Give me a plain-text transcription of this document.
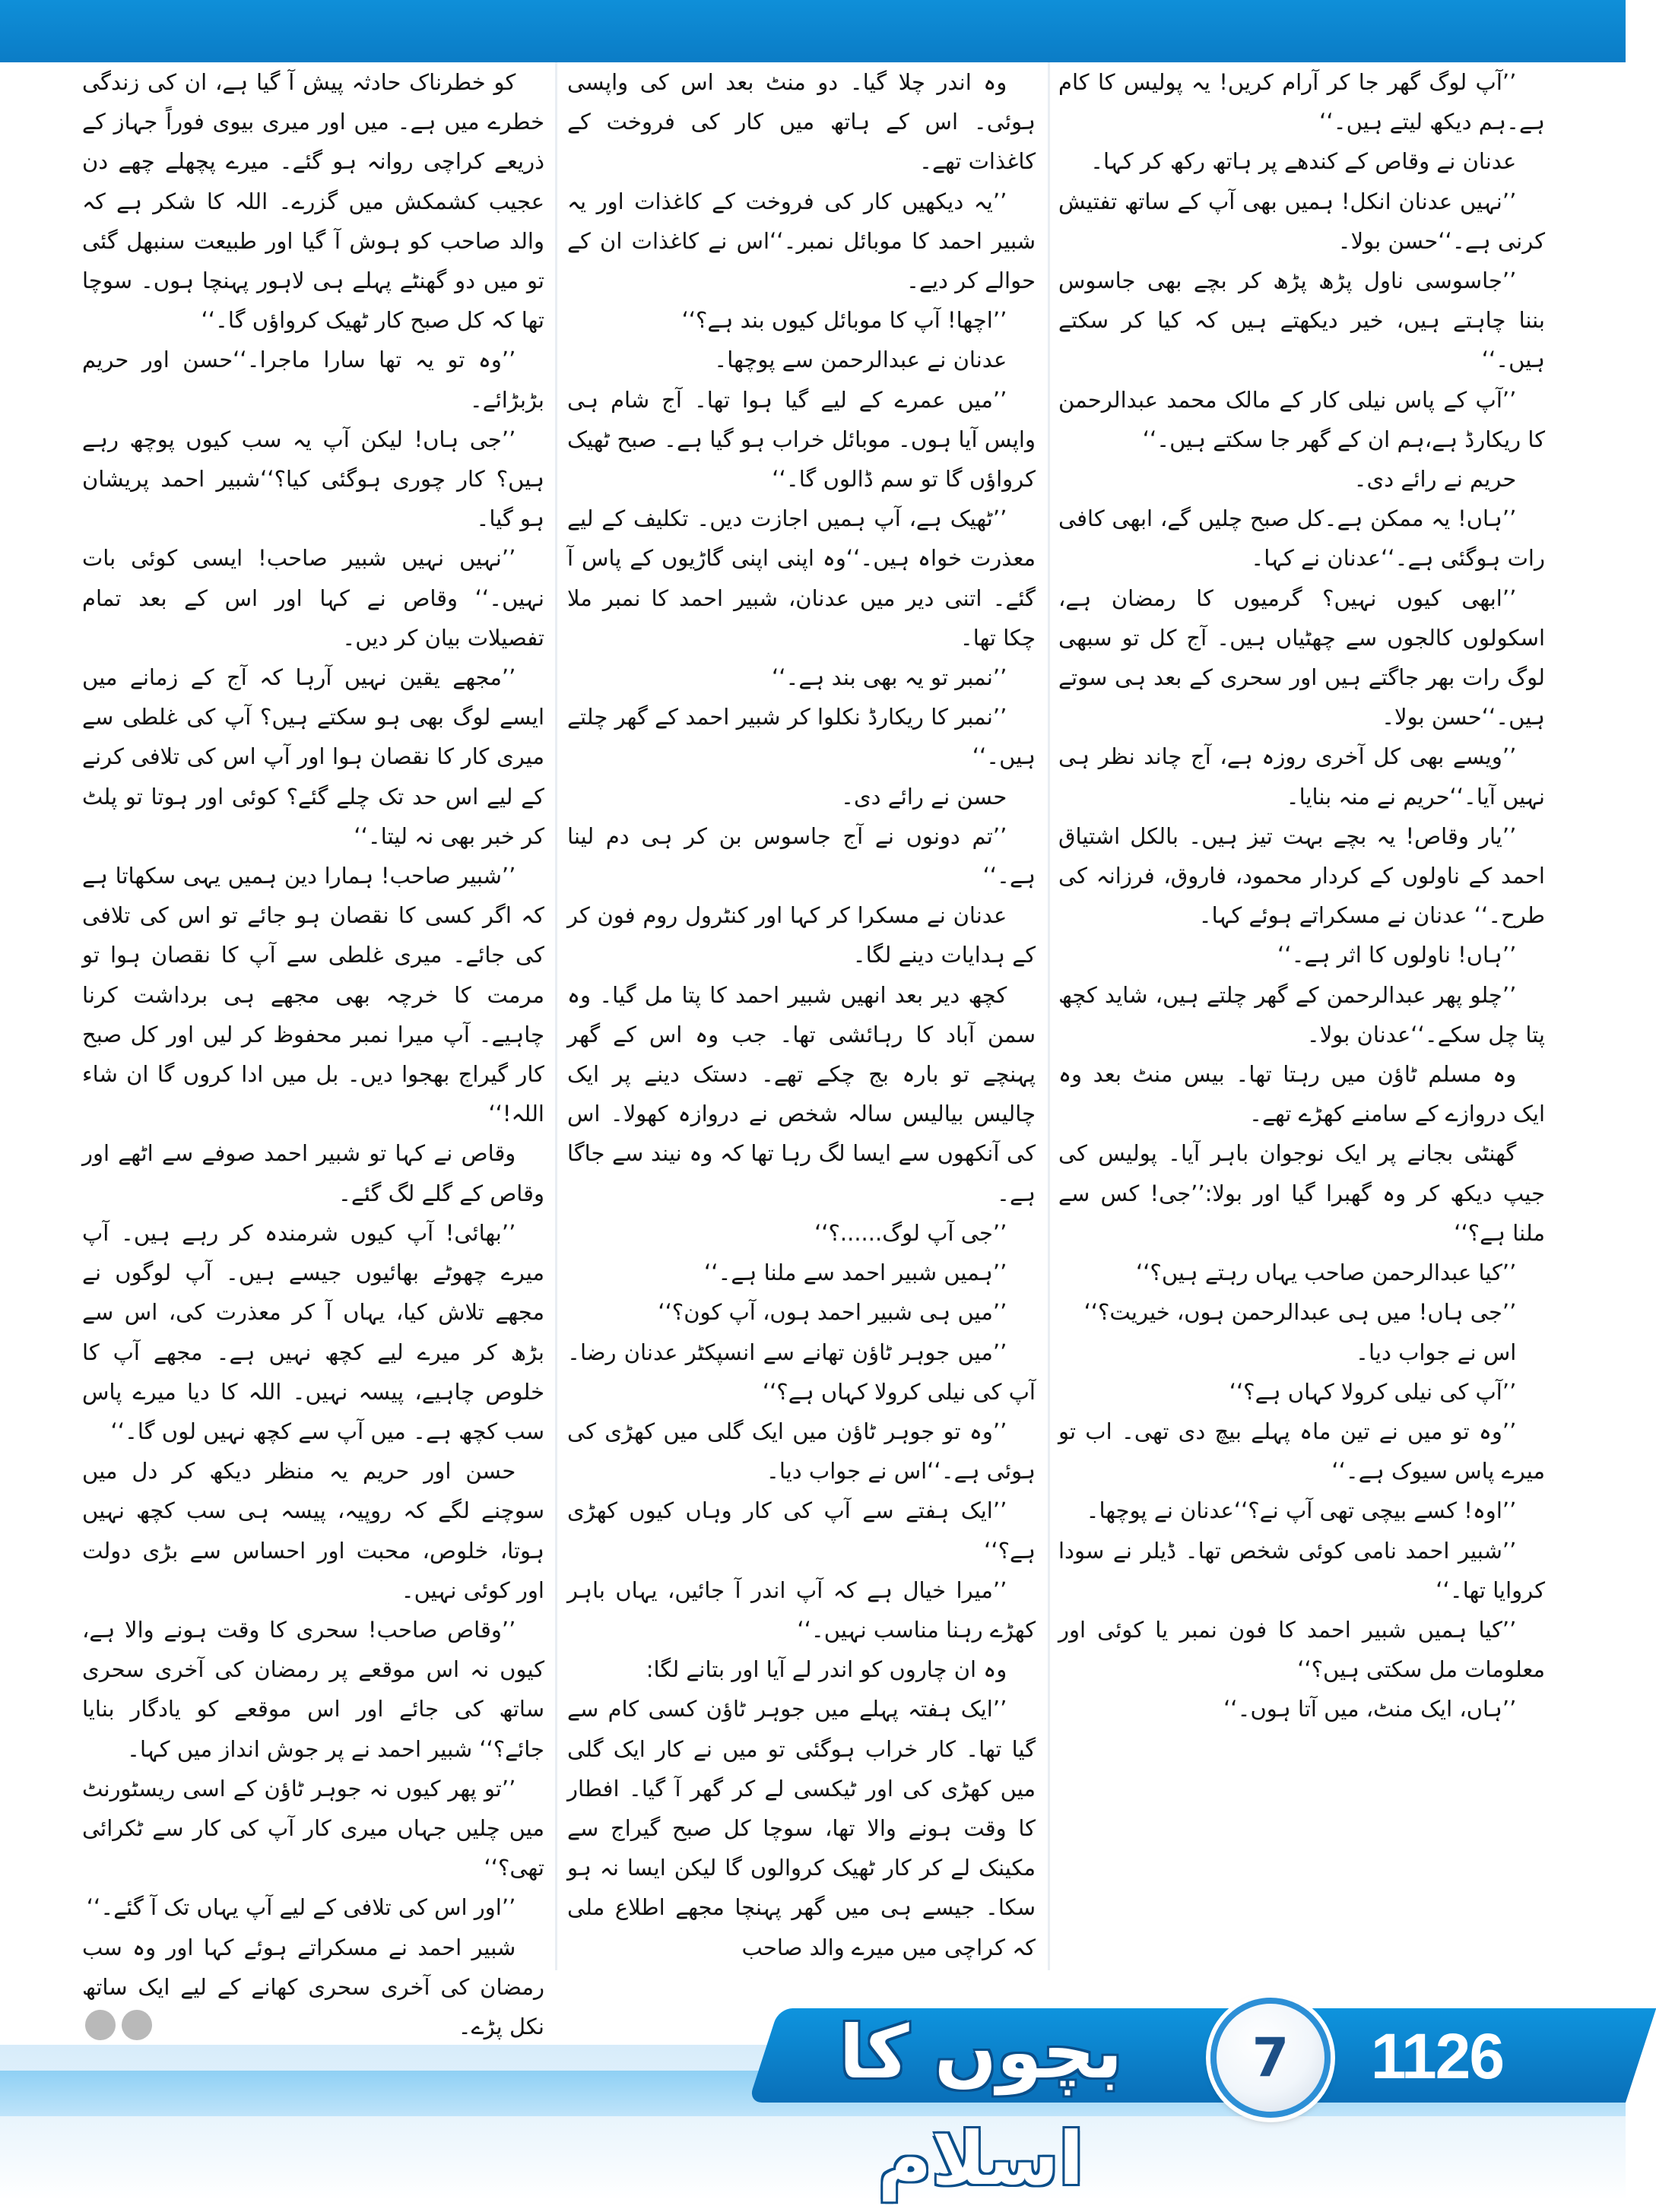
’’آپ لوگ گھر جا کر آرام کریں! یہ پولیس کا کام ہے۔ہم دیکھ لیتے ہیں۔‘‘

عدنان نے وقاص کے کندھے پر ہاتھ رکھ کر کہا۔

’’نہیں عدنان انکل! ہمیں بھی آپ کے ساتھ تفتیش کرنی ہے۔‘‘حسن بولا۔

’’جاسوسی ناول پڑھ پڑھ کر بچے بھی جاسوس بننا چاہتے ہیں، خیر دیکھتے ہیں کہ کیا کر سکتے ہیں۔‘‘

’’آپ کے پاس نیلی کار کے مالک محمد عبدالرحمن کا ریکارڈ ہے،ہم ان کے گھر جا سکتے ہیں۔‘‘

حریم نے رائے دی۔

’’ہاں! یہ ممکن ہے۔کل صبح چلیں گے، ابھی کافی رات ہوگئی ہے۔‘‘عدنان نے کہا۔

’’ابھی کیوں نہیں؟ گرمیوں کا رمضان ہے، اسکولوں کالجوں سے چھٹیاں ہیں۔ آج کل تو سبھی لوگ رات بھر جاگتے ہیں اور سحری کے بعد ہی سوتے ہیں۔‘‘حسن بولا۔

’’ویسے بھی کل آخری روزہ ہے، آج چاند نظر ہی نہیں آیا۔‘‘حریم نے منہ بنایا۔

’’یار وقاص! یہ بچے بہت تیز ہیں۔ بالکل اشتیاق احمد کے ناولوں کے کردار محمود، فاروق، فرزانہ کی طرح۔‘‘ عدنان نے مسکراتے ہوئے کہا۔

’’ہاں! ناولوں کا اثر ہے۔‘‘

’’چلو پھر عبدالرحمن کے گھر چلتے ہیں، شاید کچھ پتا چل سکے۔‘‘عدنان بولا۔

وہ مسلم ٹاؤن میں رہتا تھا۔ بیس منٹ بعد وہ ایک دروازے کے سامنے کھڑے تھے۔

گھنٹی بجانے پر ایک نوجوان باہر آیا۔ پولیس کی جیپ دیکھ کر وہ گھبرا گیا اور بولا:’’جی! کس سے ملنا ہے؟‘‘

’’کیا عبدالرحمن صاحب یہاں رہتے ہیں؟‘‘

’’جی ہاں! میں ہی عبدالرحمن ہوں، خیریت؟‘‘

اس نے جواب دیا۔

’’آپ کی نیلی کرولا کہاں ہے؟‘‘

’’وہ تو میں نے تین ماہ پہلے بیچ دی تھی۔ اب تو میرے پاس سیوک ہے۔‘‘

’’اوہ! کسے بیچی تھی آپ نے؟‘‘عدنان نے پوچھا۔

’’شبیر احمد نامی کوئی شخص تھا۔ ڈیلر نے سودا کروایا تھا۔‘‘

’’کیا ہمیں شبیر احمد کا فون نمبر یا کوئی اور معلومات مل سکتی ہیں؟‘‘

’’ہاں، ایک منٹ، میں آتا ہوں۔‘‘

وہ اندر چلا گیا۔ دو منٹ بعد اس کی واپسی ہوئی۔ اس کے ہاتھ میں کار کی فروخت کے کاغذات تھے۔

’’یہ دیکھیں کار کی فروخت کے کاغذات اور یہ شبیر احمد کا موبائل نمبر۔‘‘اس نے کاغذات ان کے حوالے کر دیے۔

’’اچھا! آپ کا موبائل کیوں بند ہے؟‘‘

عدنان نے عبدالرحمن سے پوچھا۔

’’میں عمرے کے لیے گیا ہوا تھا۔ آج شام ہی واپس آیا ہوں۔ موبائل خراب ہو گیا ہے۔ صبح ٹھیک کرواؤں گا تو سم ڈالوں گا۔‘‘

’’ٹھیک ہے، آپ ہمیں اجازت دیں۔ تکلیف کے لیے معذرت خواہ ہیں۔‘‘وہ اپنی اپنی گاڑیوں کے پاس آ گئے۔ اتنی دیر میں عدنان، شبیر احمد کا نمبر ملا چکا تھا۔

’’نمبر تو یہ بھی بند ہے۔‘‘

’’نمبر کا ریکارڈ نکلوا کر شبیر احمد کے گھر چلتے ہیں۔‘‘

حسن نے رائے دی۔

’’تم دونوں نے آج جاسوس بن کر ہی دم لینا ہے۔‘‘

عدنان نے مسکرا کر کہا اور کنٹرول روم فون کر کے ہدایات دینے لگا۔

کچھ دیر بعد انھیں شبیر احمد کا پتا مل گیا۔ وہ سمن آباد کا رہائشی تھا۔ جب وہ اس کے گھر پہنچے تو بارہ بج چکے تھے۔ دستک دینے پر ایک چالیس بیالیس سالہ شخص نے دروازہ کھولا۔ اس کی آنکھوں سے ایسا لگ رہا تھا کہ وہ نیند سے جاگا ہے۔

’’جی آپ لوگ......؟‘‘

’’ہمیں شبیر احمد سے ملنا ہے۔‘‘

’’میں ہی شبیر احمد ہوں، آپ کون؟‘‘

’’میں جوہر ٹاؤن تھانے سے انسپکٹر عدنان رضا۔ آپ کی نیلی کرولا کہاں ہے؟‘‘

’’وہ تو جوہر ٹاؤن میں ایک گلی میں کھڑی کی ہوئی ہے۔‘‘اس نے جواب دیا۔

’’ایک ہفتے سے آپ کی کار وہاں کیوں کھڑی ہے؟‘‘

’’میرا خیال ہے کہ آپ اندر آ جائیں، یہاں باہر کھڑے رہنا مناسب نہیں۔‘‘

وہ ان چاروں کو اندر لے آیا اور بتانے لگا:

’’ایک ہفتہ پہلے میں جوہر ٹاؤن کسی کام سے گیا تھا۔ کار خراب ہوگئی تو میں نے کار ایک گلی میں کھڑی کی اور ٹیکسی لے کر گھر آ گیا۔ افطار کا وقت ہونے والا تھا، سوچا کل صبح گیراج سے مکینک لے کر کار ٹھیک کروالوں گا لیکن ایسا نہ ہو سکا۔ جیسے ہی میں گھر پہنچا مجھے اطلاع ملی کہ کراچی میں میرے والد صاحب

کو خطرناک حادثہ پیش آ گیا ہے، ان کی زندگی خطرے میں ہے۔ میں اور میری بیوی فوراً جہاز کے ذریعے کراچی روانہ ہو گئے۔ میرے پچھلے چھے دن عجیب کشمکش میں گزرے۔ اللہ کا شکر ہے کہ والد صاحب کو ہوش آ گیا اور طبیعت سنبھل گئی تو میں دو گھنٹے پہلے ہی لاہور پہنچا ہوں۔ سوچا تھا کہ کل صبح کار ٹھیک کرواؤں گا۔‘‘

’’وہ تو یہ تھا سارا ماجرا۔‘‘حسن اور حریم بڑبڑائے۔

’’جی ہاں! لیکن آپ یہ سب کیوں پوچھ رہے ہیں؟ کار چوری ہوگئی کیا؟‘‘شبیر احمد پریشان ہو گیا۔

’’نہیں نہیں شبیر صاحب! ایسی کوئی بات نہیں۔‘‘ وقاص نے کہا اور اس کے بعد تمام تفصیلات بیان کر دیں۔

’’مجھے یقین نہیں آرہا کہ آج کے زمانے میں ایسے لوگ بھی ہو سکتے ہیں؟ آپ کی غلطی سے میری کار کا نقصان ہوا اور آپ اس کی تلافی کرنے کے لیے اس حد تک چلے گئے؟ کوئی اور ہوتا تو پلٹ کر خبر بھی نہ لیتا۔‘‘

’’شبیر صاحب! ہمارا دین ہمیں یہی سکھاتا ہے کہ اگر کسی کا نقصان ہو جائے تو اس کی تلافی کی جائے۔ میری غلطی سے آپ کا نقصان ہوا تو مرمت کا خرچہ بھی مجھے ہی برداشت کرنا چاہیے۔ آپ میرا نمبر محفوظ کر لیں اور کل صبح کار گیراج بھجوا دیں۔ بل میں ادا کروں گا ان شاء اللہ!‘‘

وقاص نے کہا تو شبیر احمد صوفے سے اٹھے اور وقاص کے گلے لگ گئے۔

’’بھائی! آپ کیوں شرمندہ کر رہے ہیں۔ آپ میرے چھوٹے بھائیوں جیسے ہیں۔ آپ لوگوں نے مجھے تلاش کیا، یہاں آ کر معذرت کی، اس سے بڑھ کر میرے لیے کچھ نہیں ہے۔ مجھے آپ کا خلوص چاہیے، پیسہ نہیں۔ اللہ کا دیا میرے پاس سب کچھ ہے۔ میں آپ سے کچھ نہیں لوں گا۔‘‘

حسن اور حریم یہ منظر دیکھ کر دل میں سوچنے لگے کہ روپیہ، پیسہ ہی سب کچھ نہیں ہوتا، خلوص، محبت اور احساس سے بڑی دولت اور کوئی نہیں۔

’’وقاص صاحب! سحری کا وقت ہونے والا ہے، کیوں نہ اس موقعے پر رمضان کی آخری سحری ساتھ کی جائے اور اس موقعے کو یادگار بنایا جائے؟‘‘ شبیر احمد نے پر جوش انداز میں کہا۔

’’تو پھر کیوں نہ جوہر ٹاؤن کے اسی ریسٹورنٹ میں چلیں جہاں میری کار آپ کی کار سے ٹکرائی تھی؟‘‘

’’اور اس کی تلافی کے لیے آپ یہاں تک آ گئے۔‘‘

شبیر احمد نے مسکراتے ہوئے کہا اور وہ سب رمضان کی آخری سحری کھانے کے لیے ایک ساتھ نکل پڑے۔	بچوں کا اسلام
7 1126
